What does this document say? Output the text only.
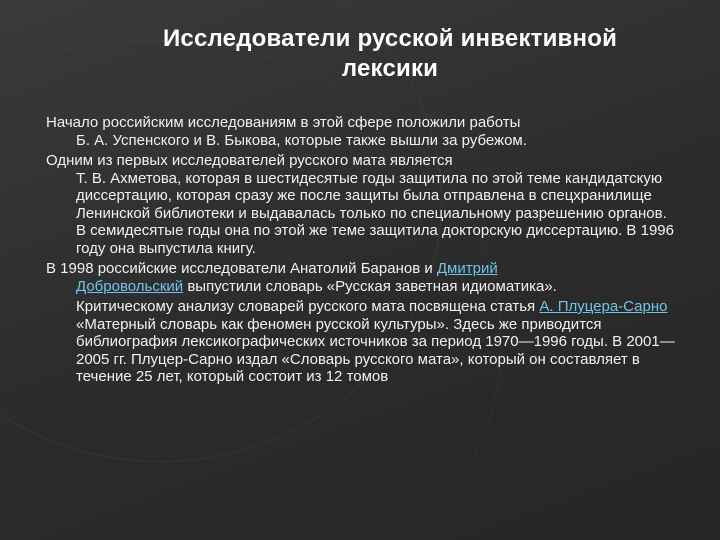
Исследователи русской инвективной
лексики

Начало российским исследованиям в этой сфере положили работы
Б. А. Успенского и В. Быкова, которые также вышли за рубежом.

Одним из первых исследователей русского мата является
Т. В. Ахметова, которая в шестидесятые годы защитила по этой теме кандидатскую диссертацию, которая сразу же после защиты была отправлена в спецхранилище Ленинской библиотеки и выдавалась только по специальному разрешению органов. В семидесятые годы она по этой же теме защитила докторскую диссертацию. В 1996 году она выпустила книгу.

В 1998 российские исследователи Анатолий Баранов и Дмитрий

Добровольский выпустили словарь «Русская заветная идиоматика».

Критическому анализу словарей русского мата посвящена статья А. Плуцера-Сарно «Матерный словарь как феномен русской культуры». Здесь же приводится библиография лексикографических источников за период 1970—1996 годы. В 2001—2005 гг. Плуцер-Сарно издал «Словарь русского мата», который он составляет в течение 25 лет, который состоит из 12 томов
